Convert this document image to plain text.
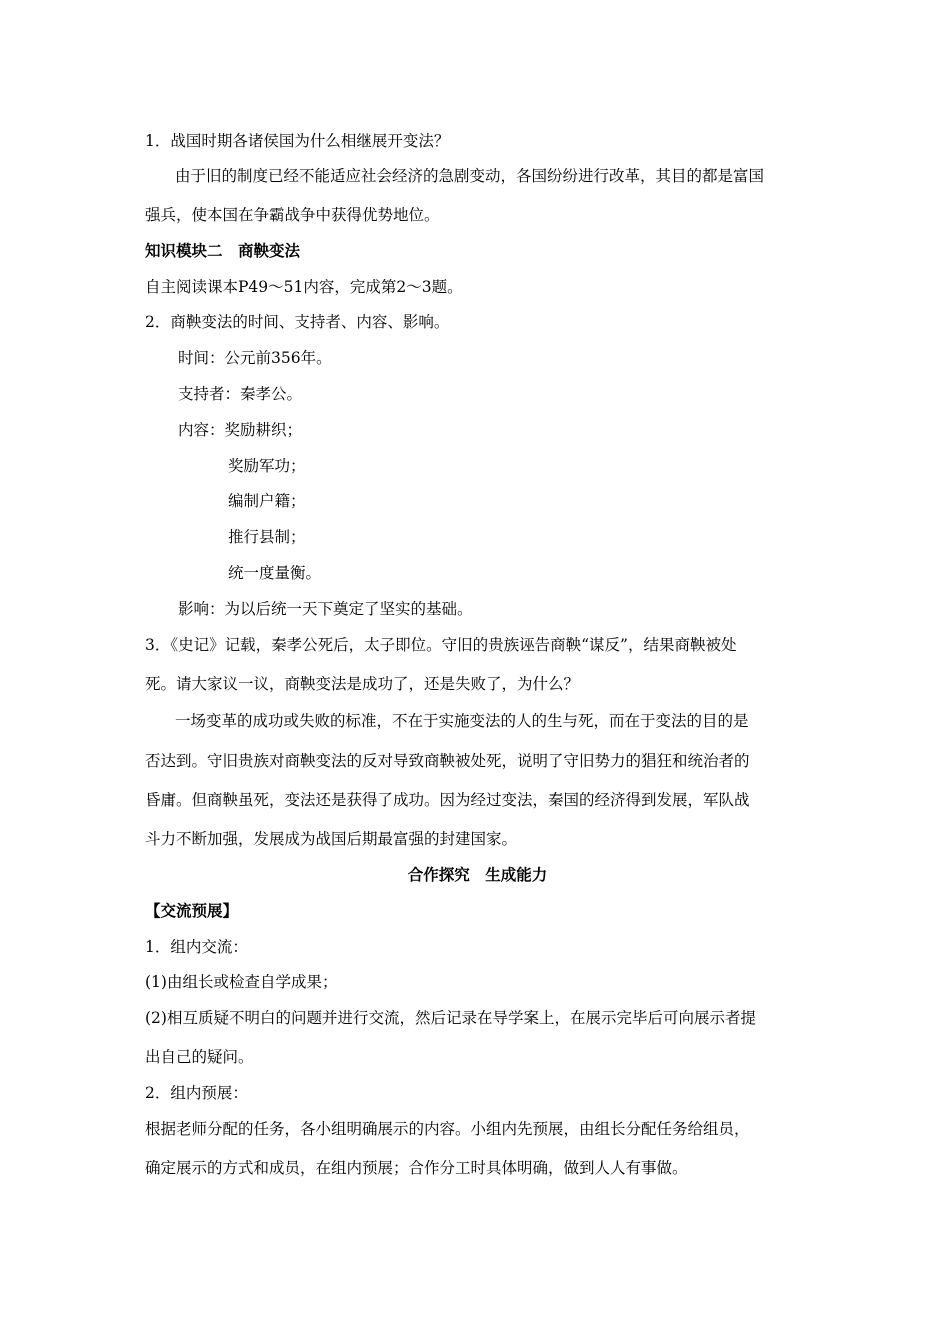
1．战国时期各诸侯国为什么相继展开变法？
由于旧的制度已经不能适应社会经济的急剧变动，各国纷纷进行改革，其目的都是富国
强兵，使本国在争霸战争中获得优势地位。
知识模块二　商鞅变法
自主阅读课本P49～51内容，完成第2～3题。
2．商鞅变法的时间、支持者、内容、影响。
时间：公元前356年。
支持者：秦孝公。
内容：奖励耕织；
奖励军功；
编制户籍；
推行县制；
统一度量衡。
影响：为以后统一天下奠定了坚实的基础。
3．《史记》记载，秦孝公死后，太子即位。守旧的贵族诬告商鞅“谋反”，结果商鞅被处
死。请大家议一议，商鞅变法是成功了，还是失败了，为什么？
一场变革的成功或失败的标准，不在于实施变法的人的生与死，而在于变法的目的是
否达到。守旧贵族对商鞅变法的反对导致商鞅被处死，说明了守旧势力的猖狂和统治者的
昏庸。但商鞅虽死，变法还是获得了成功。因为经过变法，秦国的经济得到发展，军队战
斗力不断加强，发展成为战国后期最富强的封建国家。
合作探究　生成能力
【交流预展】
1．组内交流：
(1)由组长或检查自学成果；
(2)相互质疑不明白的问题并进行交流，然后记录在导学案上，在展示完毕后可向展示者提
出自己的疑问。
2．组内预展：
根据老师分配的任务，各小组明确展示的内容。小组内先预展，由组长分配任务给组员，
确定展示的方式和成员，在组内预展；合作分工时具体明确，做到人人有事做。
